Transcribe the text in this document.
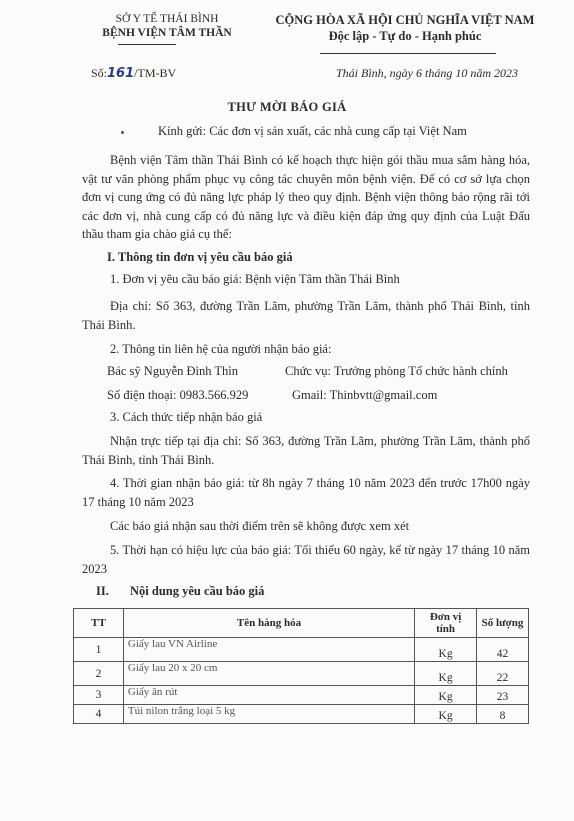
SỞ Y TẾ THÁI BÌNH
BỆNH VIỆN TÂM THẦN
CỘNG HÒA XÃ HỘI CHỦ NGHĨA VIỆT NAM
Độc lập - Tự do - Hạnh phúc
Số:161/TM-BV	Thái Bình, ngày 6 tháng 10 năm 2023
THƯ MỜI BÁO GIÁ
Kính gửi: Các đơn vị sản xuất, các nhà cung cấp tại Việt Nam
Bệnh viện Tâm thần Thái Bình có kế hoạch thực hiện gói thầu mua sắm hàng hóa, vật tư văn phòng phẩm phục vụ công tác chuyên môn bệnh viện. Để có cơ sở lựa chọn đơn vị cung ứng có đủ năng lực pháp lý theo quy định. Bệnh viện thông báo rộng rãi tới các đơn vị, nhà cung cấp có đủ năng lực và điều kiện đáp ứng quy định của Luật Đấu thầu tham gia chào giá cụ thể:
I. Thông tin đơn vị yêu cầu báo giá
1. Đơn vị yêu cầu báo giá: Bệnh viện Tâm thần Thái Bình
Địa chỉ: Số 363, đường Trần Lãm, phường Trần Lãm, thành phố Thái Bình, tỉnh Thái Bình.
2. Thông tin liên hệ của người nhận báo giá:
Bác sỹ Nguyễn Đình Thìn	Chức vụ: Trưởng phòng Tổ chức hành chính
Số điện thoại: 0983.566.929	Gmail: Thinbvtt@gmail.com
3. Cách thức tiếp nhận báo giá
Nhận trực tiếp tại địa chỉ: Số 363, đường Trần Lãm, phường Trần Lãm, thành phố Thái Bình, tỉnh Thái Bình.
4. Thời gian nhận báo giá: từ 8h ngày 7 tháng 10 năm 2023 đến trước 17h00 ngày 17 tháng 10 năm 2023
Các báo giá nhận sau thời điểm trên sẽ không được xem xét
5. Thời hạn có hiệu lực của báo giá: Tối thiểu 60 ngày, kể từ ngày 17 tháng 10 năm 2023
II. Nội dung yêu cầu báo giá
TT	Tên hàng hóa	Đơn vị tính	Số lượng
1	Giấy lau VN Airline	Kg	42
2	Giấy lau 20 x 20 cm	Kg	22
3	Giấy ăn rút	Kg	23
4	Túi nilon trắng loại 5 kg	Kg	8
